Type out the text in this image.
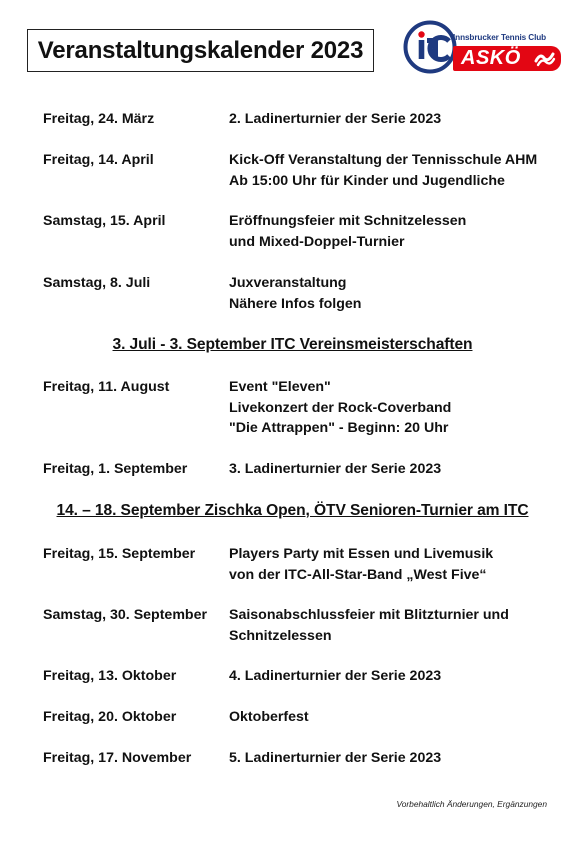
Veranstaltungskalender 2023	Innsbrucker Tennis Club
ASKÖ
Freitag, 24. März	2. Ladinerturnier der Serie 2023
Freitag, 14. April	Kick-Off Veranstaltung der Tennisschule AHM
Ab 15:00 Uhr für Kinder und Jugendliche
Samstag, 15. April	Eröffnungsfeier mit Schnitzelessen
und Mixed-Doppel-Turnier
Samstag, 8. Juli	Juxveranstaltung
Nähere Infos folgen
3. Juli - 3. September ITC Vereinsmeisterschaften
Freitag, 11. August	Event "Eleven"
Livekonzert der Rock-Coverband
"Die Attrappen" - Beginn: 20 Uhr
Freitag, 1. September	3. Ladinerturnier der Serie 2023
14. – 18. September Zischka Open, ÖTV Senioren-Turnier am ITC
Freitag, 15. September Players Party mit Essen und Livemusik
von der ITC-All-Star-Band „West Five“
Samstag, 30. September Saisonabschlussfeier mit Blitzturnier und
Schnitzelessen
Freitag, 13. Oktober	4. Ladinerturnier der Serie 2023
Freitag, 20. Oktober	Oktoberfest
Freitag, 17. November	5. Ladinerturnier der Serie 2023
Vorbehaltlich Änderungen, Ergänzungen
